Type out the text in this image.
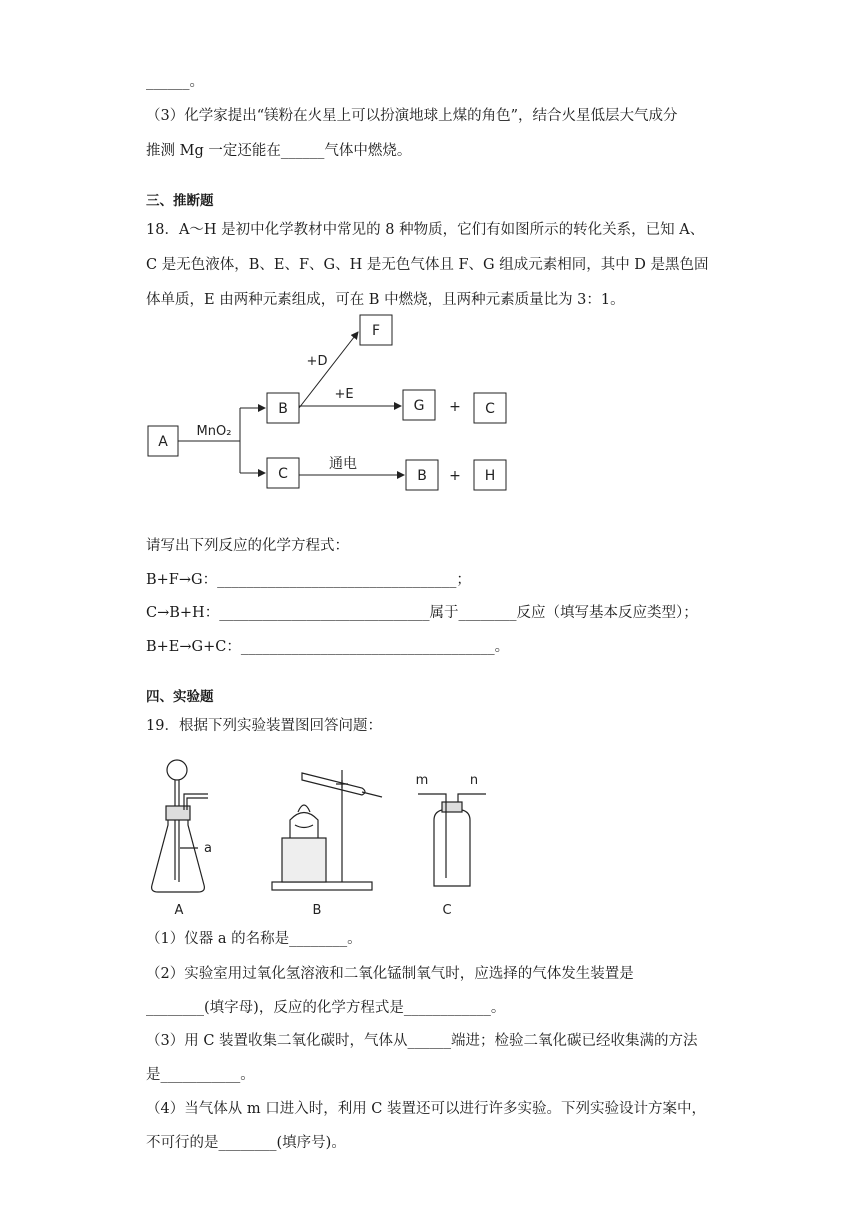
______。
（3）化学家提出“镁粉在火星上可以扮演地球上煤的角色”，结合火星低层大气成分
推测 Mg 一定还能在______气体中燃烧。
三、推断题
18．A～H 是初中化学教材中常见的 8 种物质，它们有如图所示的转化关系，已知 A、
C 是无色液体，B、E、F、G、H 是无色气体且 F、G 组成元素相同，其中 D 是黑色固
体单质，E 由两种元素组成，可在 B 中燃烧，且两种元素质量比为 3：1。
A
B
C
F
G	C
B	H
MnO₂
+D
+E
通电
+
+
请写出下列反应的化学方程式：
B+F→G：_________________________________；
C→B+H：_____________________________属于________反应（填写基本反应类型）；
B+E→G+C：___________________________________。
四、实验题
19．根据下列实验装置图回答问题：
A	B	C
a
m	n
（1）仪器 a 的名称是________。
（2）实验室用过氧化氢溶液和二氧化锰制氧气时，应选择的气体发生装置是
________(填字母)，反应的化学方程式是____________。
（3）用 C 装置收集二氧化碳时，气体从______端进；检验二氧化碳已经收集满的方法
是___________。
（4）当气体从 m 口进入时，利用 C 装置还可以进行许多实验。下列实验设计方案中，
不可行的是________(填序号)。
